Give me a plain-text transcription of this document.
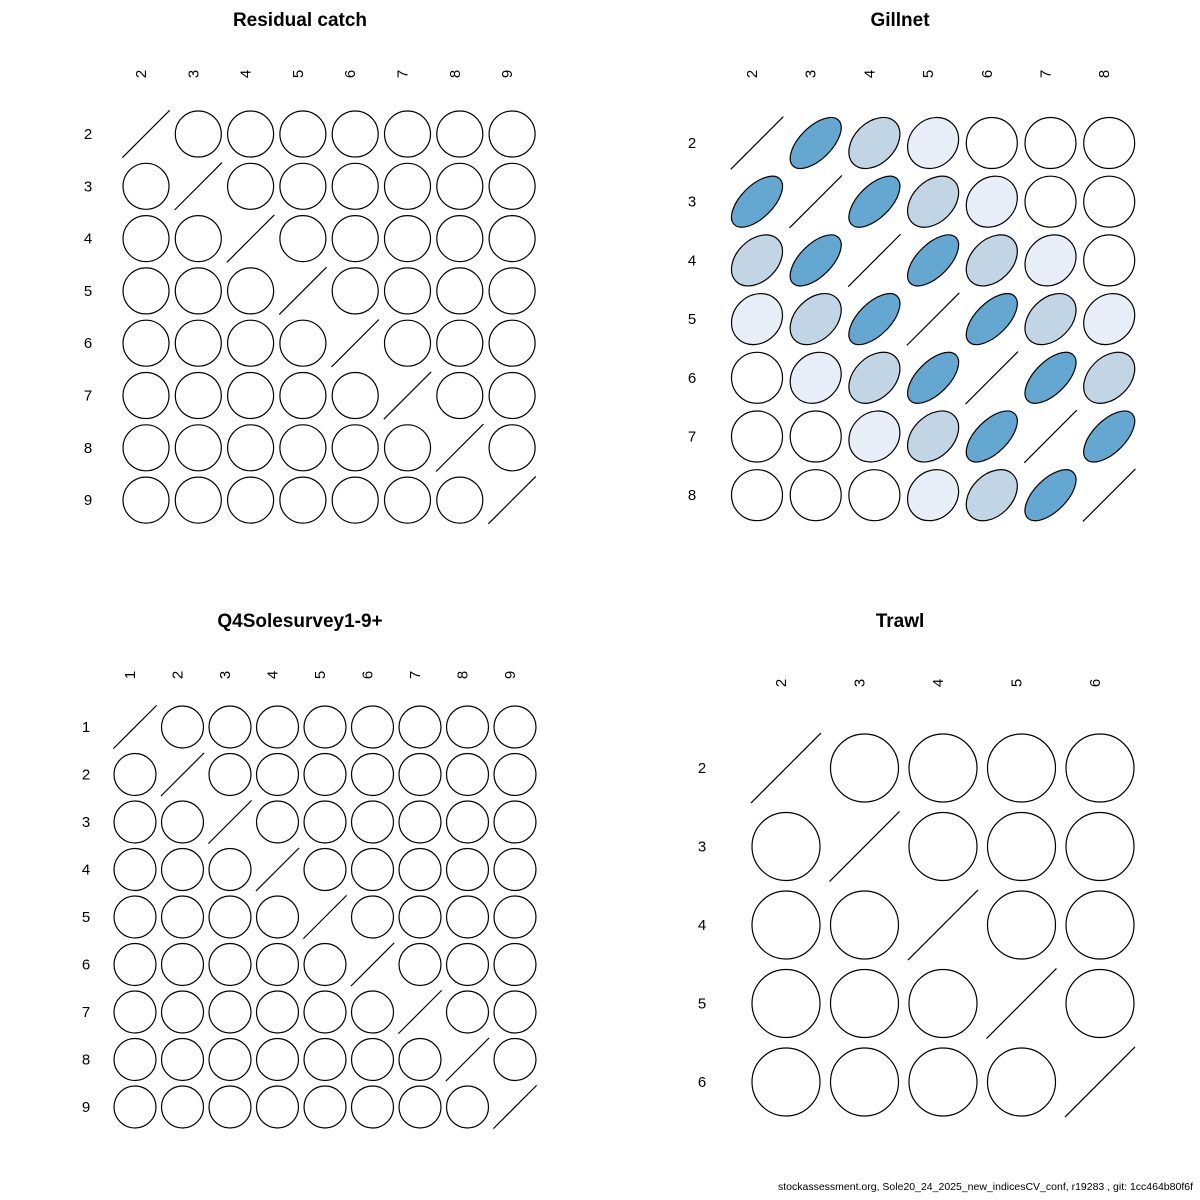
Residual catch
2
2
3
3
4
4
5
5
6
6
7
7
8
8
9
9
Gillnet
2
2
3
3
4
4
5
5
6
6
7
7
8
8
Q4Solesurvey1-9+
1
1
2
2
3
3
4
4
5
5
6
6
7
7
8
8
9
9
Trawl
2
2
3
3
4
4
5
5
6
6
stockassessment.org, Sole20_24_2025_new_indicesCV_conf, r19283 , git: 1cc464b80f6f
